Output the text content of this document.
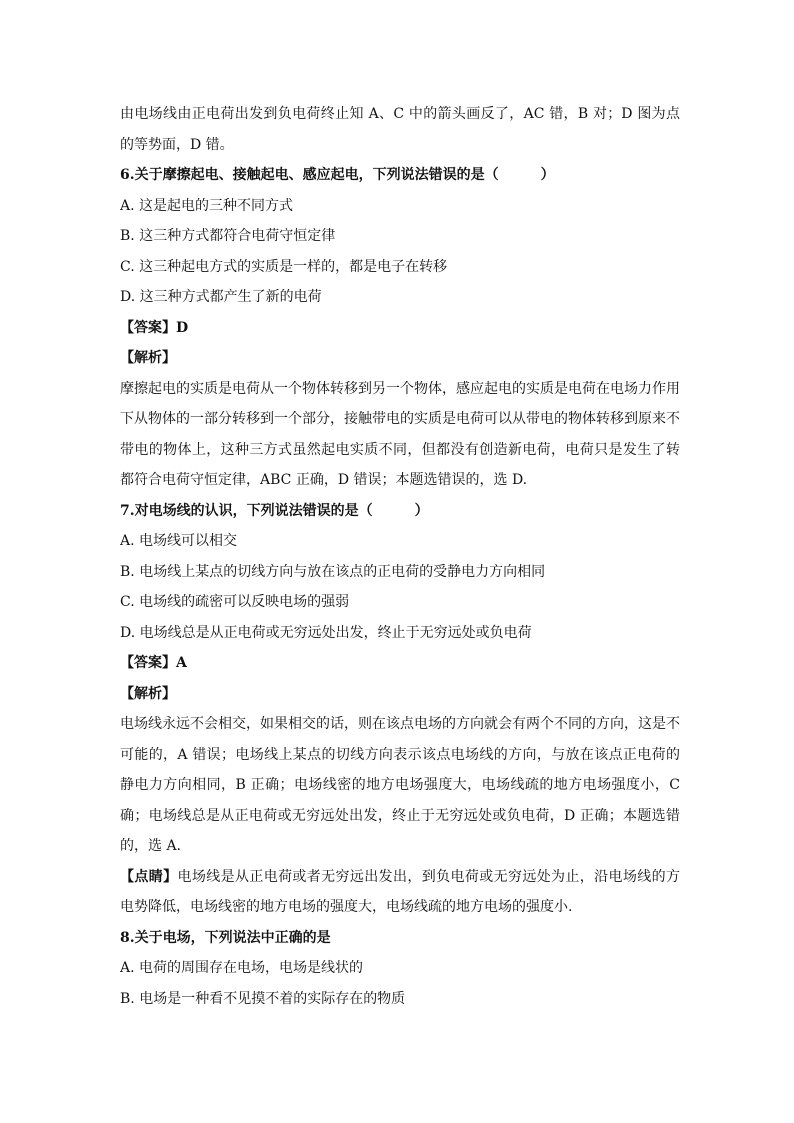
由电场线由正电荷出发到负电荷终止知 A、C 中的箭头画反了，AC 错，B 对；D 图为点
的等势面，D 错。
6.关于摩擦起电、接触起电、感应起电，下列说法错误的是（　　　）
A. 这是起电的三种不同方式
B. 这三种方式都符合电荷守恒定律
C. 这三种起电方式的实质是一样的，都是电子在转移
D. 这三种方式都产生了新的电荷
【答案】D
【解析】
摩擦起电的实质是电荷从一个物体转移到另一个物体，感应起电的实质是电荷在电场力作用
下从物体的一部分转移到一个部分，接触带电的实质是电荷可以从带电的物体转移到原来不
带电的物体上，这种三方式虽然起电实质不同，但都没有创造新电荷，电荷只是发生了转
都符合电荷守恒定律，ABC 正确，D 错误；本题选错误的，选 D.
7.对电场线的认识，下列说法错误的是（　　　）
A. 电场线可以相交
B. 电场线上某点的切线方向与放在该点的正电荷的受静电力方向相同
C. 电场线的疏密可以反映电场的强弱
D. 电场线总是从正电荷或无穷远处出发，终止于无穷远处或负电荷
【答案】A
【解析】
电场线永远不会相交，如果相交的话，则在该点电场的方向就会有两个不同的方向，这是不
可能的，A 错误；电场线上某点的切线方向表示该点电场线的方向，与放在该点正电荷的
静电力方向相同，B 正确；电场线密的地方电场强度大，电场线疏的地方电场强度小，C
确；电场线总是从正电荷或无穷远处出发，终止于无穷远处或负电荷，D 正确；本题选错
的，选 A.
【点睛】电场线是从正电荷或者无穷远出发出，到负电荷或无穷远处为止，沿电场线的方
电势降低，电场线密的地方电场的强度大，电场线疏的地方电场的强度小.
8.关于电场，下列说法中正确的是
A. 电荷的周围存在电场，电场是线状的
B. 电场是一种看不见摸不着的实际存在的物质
